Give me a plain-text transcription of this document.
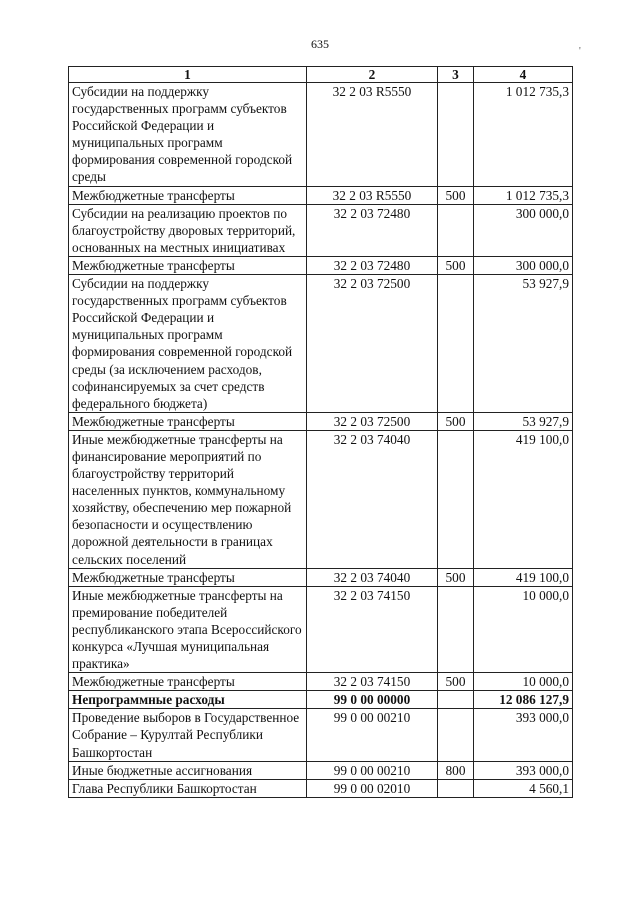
635
'
1	2	3	4
Субсидии на поддержку государственных программ субъектов Российской Федерации и муниципальных программ формирования современной городской среды	32 2 03 R5550		1 012 735,3
Межбюджетные трансферты	32 2 03 R5550	500	1 012 735,3
Субсидии на реализацию проектов по благоустройству дворовых территорий, основанных на местных инициативах	32 2 03 72480		300 000,0
Межбюджетные трансферты	32 2 03 72480	500	300 000,0
Субсидии на поддержку государственных программ субъектов Российской Федерации и муниципальных программ формирования современной городской среды (за исключением расходов, софинансируемых за счет средств федерального бюджета)	32 2 03 72500		53 927,9
Межбюджетные трансферты	32 2 03 72500	500	53 927,9
Иные межбюджетные трансферты на финансирование мероприятий по благоустройству территорий населенных пунктов, коммунальному хозяйству, обеспечению мер пожарной безопасности и осуществлению дорожной деятельности в границах сельских поселений	32 2 03 74040		419 100,0
Межбюджетные трансферты	32 2 03 74040	500	419 100,0
Иные межбюджетные трансферты на премирование победителей республиканского этапа Всероссийского конкурса «Лучшая муниципальная практика»	32 2 03 74150		10 000,0
Межбюджетные трансферты	32 2 03 74150	500	10 000,0
Непрограммные расходы	99 0 00 00000		12 086 127,9
Проведение выборов в Государственное Собрание – Курултай Республики Башкортостан	99 0 00 00210		393 000,0
Иные бюджетные ассигнования	99 0 00 00210	800	393 000,0
Глава Республики Башкортостан	99 0 00 02010		4 560,1
